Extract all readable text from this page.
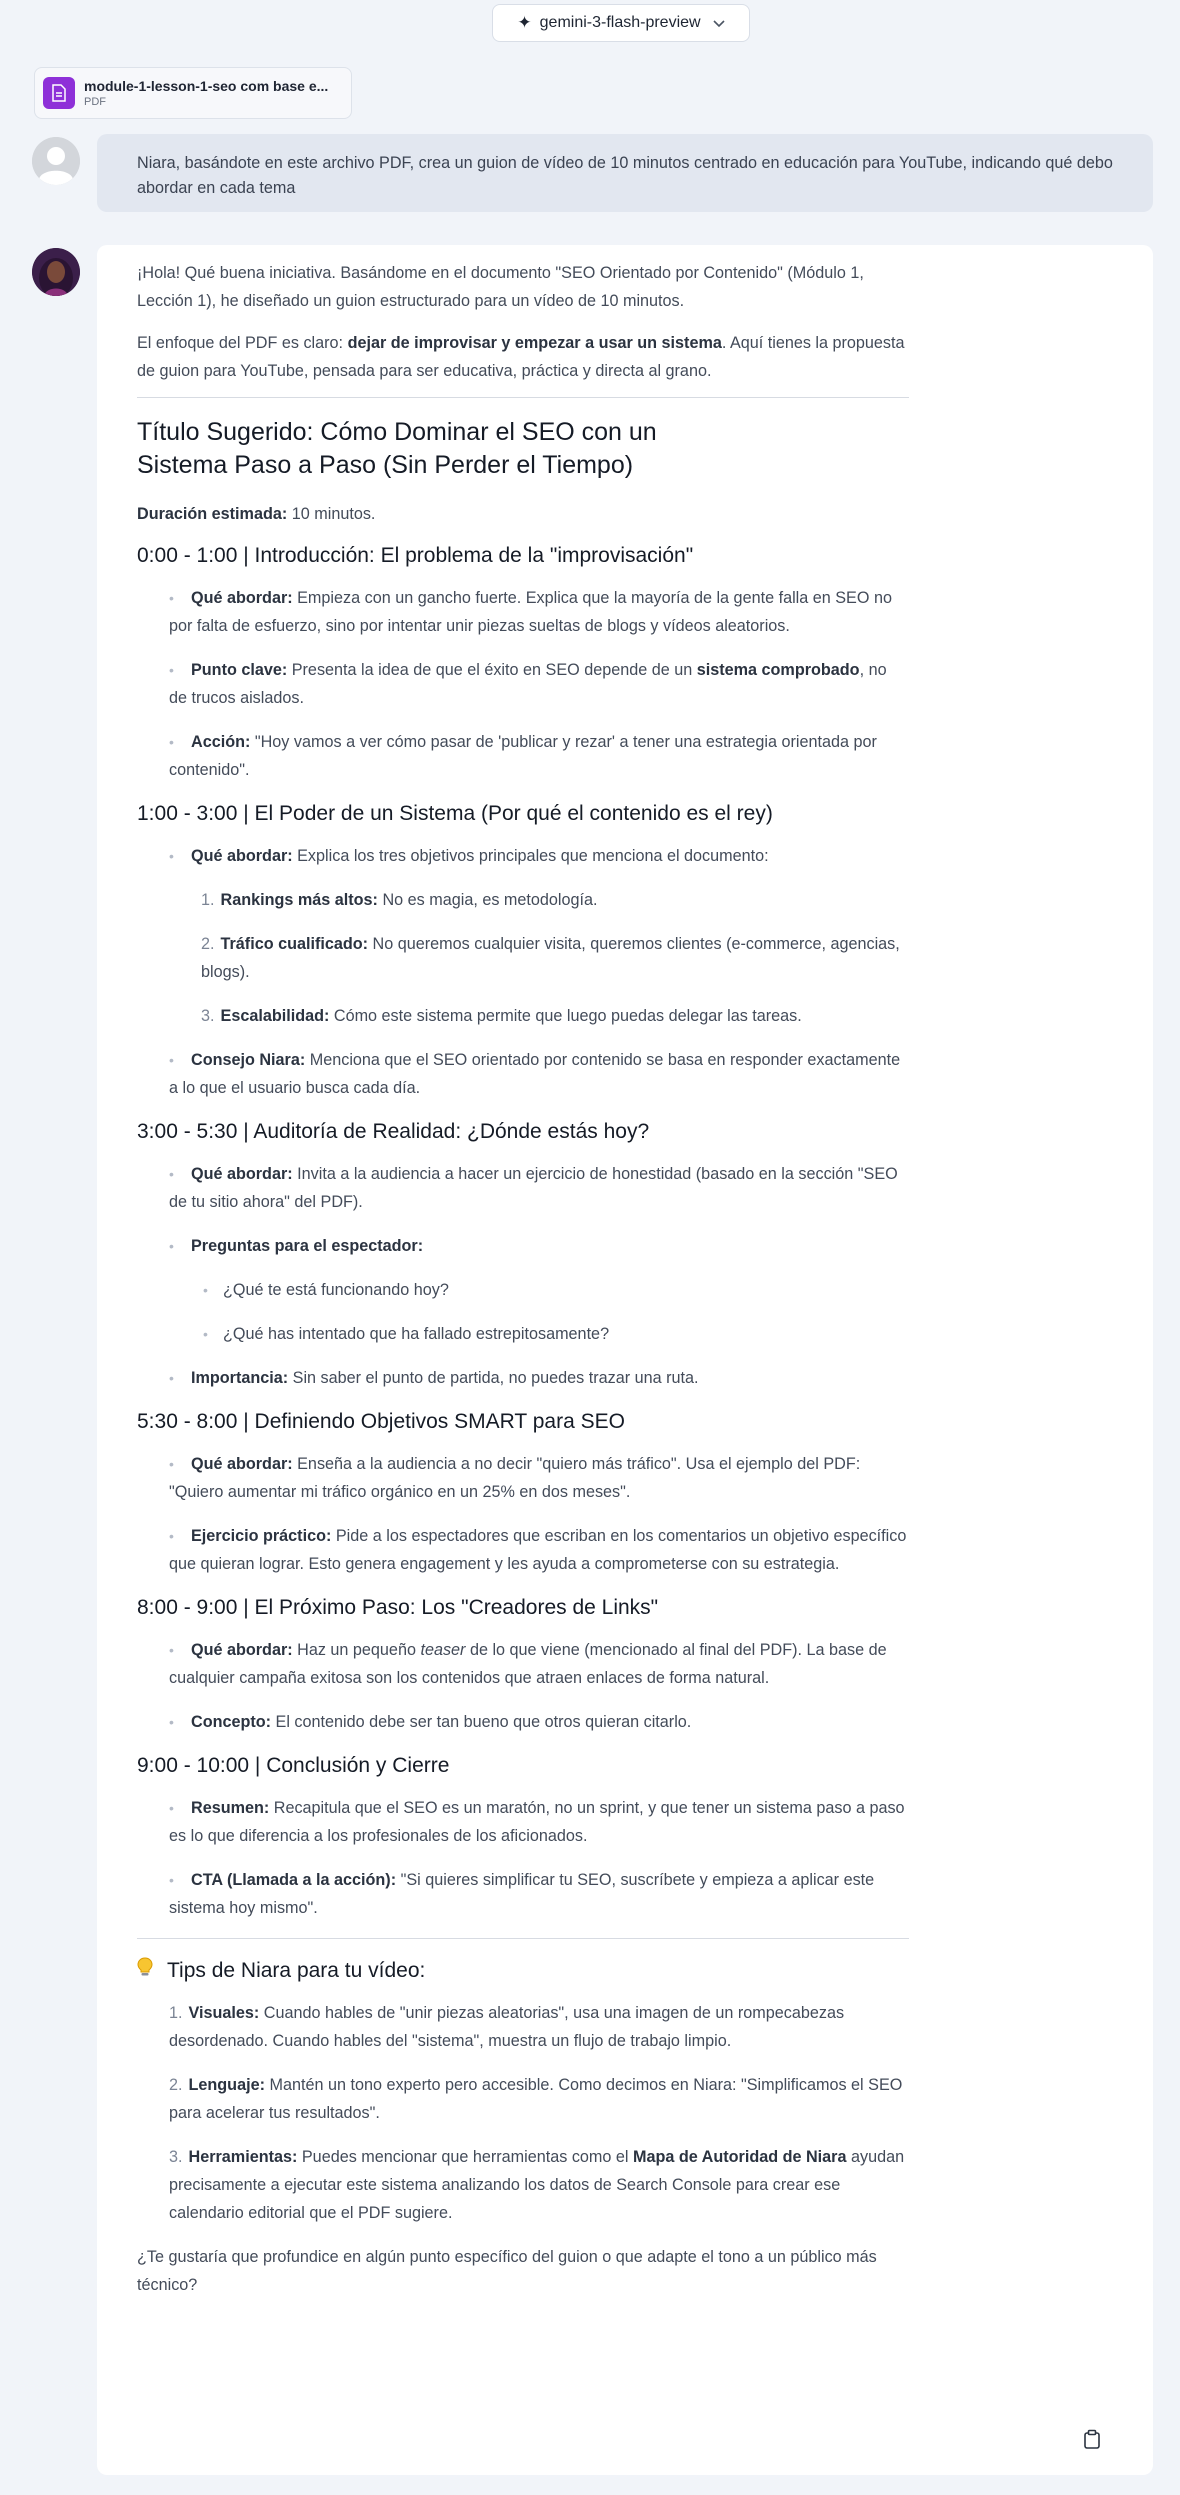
✦ gemini-3-flash-preview
module-1-lesson-1-seo com base e...
PDF
Niara, basándote en este archivo PDF, crea un guion de vídeo de 10 minutos centrado en educación para YouTube, indicando qué debo abordar en cada tema

¡Hola! Qué buena iniciativa. Basándome en el documento "SEO Orientado por Contenido" (Módulo 1, Lección 1), he diseñado un guion estructurado para un vídeo de 10 minutos.

El enfoque del PDF es claro: dejar de improvisar y empezar a usar un sistema. Aquí tienes la propuesta de guion para YouTube, pensada para ser educativa, práctica y directa al grano.

Título Sugerido: Cómo Dominar el SEO con un Sistema Paso a Paso (Sin Perder el Tiempo)

Duración estimada: 10 minutos.

0:00 - 1:00 | Introducción: El problema de la "improvisación"
• Qué abordar: Empieza con un gancho fuerte. Explica que la mayoría de la gente falla en SEO no por falta de esfuerzo, sino por intentar unir piezas sueltas de blogs y vídeos aleatorios.
• Punto clave: Presenta la idea de que el éxito en SEO depende de un sistema comprobado, no de trucos aislados.
• Acción: "Hoy vamos a ver cómo pasar de 'publicar y rezar' a tener una estrategia orientada por contenido".
1:00 - 3:00 | El Poder de un Sistema (Por qué el contenido es el rey)
• Qué abordar: Explica los tres objetivos principales que menciona el documento:
1. Rankings más altos: No es magia, es metodología.
2. Tráfico cualificado: No queremos cualquier visita, queremos clientes (e-commerce, agencias, blogs).
3. Escalabilidad: Cómo este sistema permite que luego puedas delegar las tareas.
• Consejo Niara: Menciona que el SEO orientado por contenido se basa en responder exactamente a lo que el usuario busca cada día.
3:00 - 5:30 | Auditoría de Realidad: ¿Dónde estás hoy?
• Qué abordar: Invita a la audiencia a hacer un ejercicio de honestidad (basado en la sección "SEO de tu sitio ahora" del PDF).
• Preguntas para el espectador:
• ¿Qué te está funcionando hoy?
• ¿Qué has intentado que ha fallado estrepitosamente?
• Importancia: Sin saber el punto de partida, no puedes trazar una ruta.
5:30 - 8:00 | Definiendo Objetivos SMART para SEO
• Qué abordar: Enseña a la audiencia a no decir "quiero más tráfico". Usa el ejemplo del PDF: "Quiero aumentar mi tráfico orgánico en un 25% en dos meses".
• Ejercicio práctico: Pide a los espectadores que escriban en los comentarios un objetivo específico que quieran lograr. Esto genera engagement y les ayuda a comprometerse con su estrategia.
8:00 - 9:00 | El Próximo Paso: Los "Creadores de Links"
• Qué abordar: Haz un pequeño teaser de lo que viene (mencionado al final del PDF). La base de cualquier campaña exitosa son los contenidos que atraen enlaces de forma natural.
• Concepto: El contenido debe ser tan bueno que otros quieran citarlo.
9:00 - 10:00 | Conclusión y Cierre
• Resumen: Recapitula que el SEO es un maratón, no un sprint, y que tener un sistema paso a paso es lo que diferencia a los profesionales de los aficionados.
• CTA (Llamada a la acción): "Si quieres simplificar tu SEO, suscríbete y empieza a aplicar este sistema hoy mismo".
Tips de Niara para tu vídeo:
1. Visuales: Cuando hables de "unir piezas aleatorias", usa una imagen de un rompecabezas desordenado. Cuando hables del "sistema", muestra un flujo de trabajo limpio.
2. Lenguaje: Mantén un tono experto pero accesible. Como decimos en Niara: "Simplificamos el SEO para acelerar tus resultados".
3. Herramientas: Puedes mencionar que herramientas como el Mapa de Autoridad de Niara ayudan precisamente a ejecutar este sistema analizando los datos de Search Console para crear ese calendario editorial que el PDF sugiere.

¿Te gustaría que profundice en algún punto específico del guion o que adapte el tono a un público más técnico?
